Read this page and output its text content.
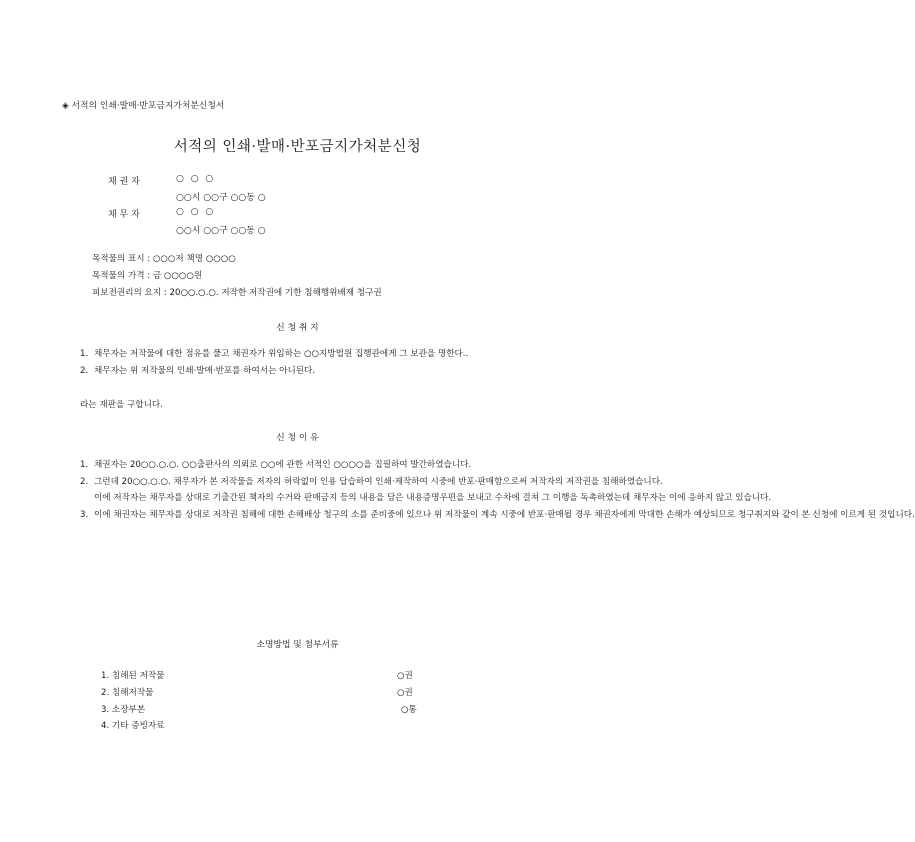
◈ 서적의 인쇄·발매·반포금지가처분신청서
서적의 인쇄·발매·반포금지가처분신청
채 권 자	○ ○ ○
○○시 ○○구 ○○동 ○
채 무 자	○ ○ ○
○○시 ○○구 ○○동 ○
목적물의 표시 : ○○○저 책명 ○○○○
목적물의 가격 : 금 ○○○○원
피보전권리의 요지 : 20○○.○.○. 저작한 저작권에 기한 침해행위배제 청구권
신 청 취 지
1. 채무자는 저작물에 대한 점유를 풀고 채권자가 위임하는 ○○지방법원 집행관에게 그 보관을 명한다..
2. 채무자는 위 저작물의 인쇄·발매·반포를 하여서는 아니된다.
라는 재판을 구합니다.
신 청 이 유
1. 채권자는 20○○.○.○. ○○출판사의 의뢰로 ○○에 관한 서적인 ○○○○을 집필하여 발간하였습니다.
2. 그런데 20○○.○.○. 채무자가 본 저작물을 저자의 허락없이 인용 답습하여 인쇄·제작하여 시중에 반포·판매함으로써 저작자의 저작권을 침해하였습니다.
이에 저작자는 채무자를 상대로 기출간된 책자의 수거와 판매금지 등의 내용을 담은 내용증명우편을 보내고 수차에 걸쳐 그 이행을 독촉하였는데 채무자는 이에 응하지 않고 있습니다.
3. 이에 채권자는 채무자를 상대로 저작권 침해에 대한 손해배상 청구의 소를 준비중에 있으나 위 저작물이 계속 시중에 반포·판매될 경우 채권자에게 막대한 손해가 예상되므로 청구취지와 같이 본 신청에 이르게 된 것입니다.
소명방법 및 첨부서류
1. 침해된 저작물	○권
2. 침해저작물	○권
3. 소장부본	○통
4. 기타 증빙자료
